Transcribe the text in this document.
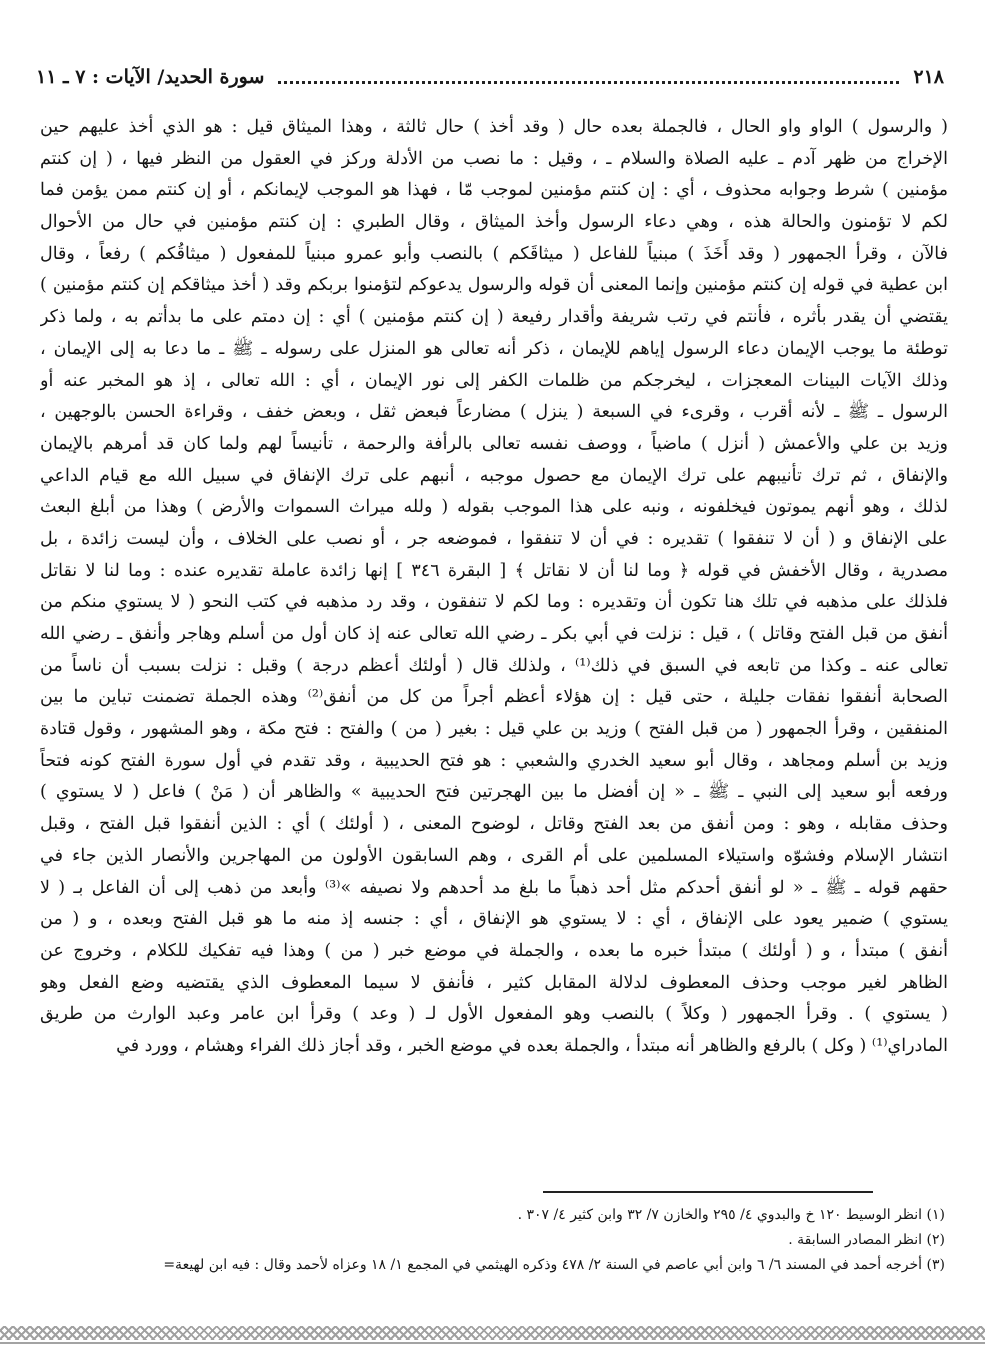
٢١٨
سورة الحديد/ الآيات : ٧ ـ ١١
( والرسول ) الواو واو الحال ، فالجملة بعده حال ( وقد أخذ ) حال ثالثة ، وهذا الميثاق قيل : هو الذي أخذ عليهم حين
الإخراج من ظهر آدم ـ عليه الصلاة والسلام ـ ، وقيل : ما نصب من الأدلة وركز في العقول من النظر فيها ، ( إن كنتم
مؤمنين ) شرط وجوابه محذوف ، أي : إن كنتم مؤمنين لموجب مّا ، فهذا هو الموجب لإيمانكم ، أو إن كنتم ممن يؤمن فما
لكم لا تؤمنون والحالة هذه ، وهي دعاء الرسول وأخذ الميثاق ، وقال الطبري : إن كنتم مؤمنين في حال من الأحوال
فالآن ، وقرأ الجمهور ( وقد أَخَذَ ) مبنياً للفاعل ( ميثاقَكم ) بالنصب وأبو عمرو مبنياً للمفعول ( ميثاقُكم ) رفعاً ، وقال
ابن عطية في قوله إن كنتم مؤمنين وإنما المعنى أن قوله والرسول يدعوكم لتؤمنوا بربكم وقد ( أخذ ميثاقكم إن كنتم مؤمنين )
يقتضي أن يقدر بأثره ، فأنتم في رتب شريفة وأقدار رفيعة ( إن كنتم مؤمنين ) أي : إن دمتم على ما بدأتم به ، ولما ذكر
توطئة ما يوجب الإيمان دعاء الرسول إياهم للإيمان ، ذكر أنه تعالى هو المنزل على رسوله ـ ﷺ ـ ما دعا به إلى الإيمان ،
وذلك الآيات البينات المعجزات ، ليخرجكم من ظلمات الكفر إلى نور الإيمان ، أي : الله تعالى ، إذ هو المخبر عنه أو
الرسول ـ ﷺ ـ لأنه أقرب ، وقرىء في السبعة ( ينزل ) مضارعاً فبعض ثقل ، وبعض خفف ، وقراءة الحسن بالوجهين ،
وزيد بن علي والأعمش ( أنزل ) ماضياً ، ووصف نفسه تعالى بالرأفة والرحمة ، تأنيساً لهم ولما كان قد أمرهم بالإيمان
والإنفاق ، ثم ترك تأنيبهم على ترك الإيمان مع حصول موجبه ، أنبهم على ترك الإنفاق في سبيل الله مع قيام الداعي
لذلك ، وهو أنهم يموتون فيخلفونه ، ونبه على هذا الموجب بقوله ( ولله ميراث السموات والأرض ) وهذا من أبلغ البعث
على الإنفاق و ( أن لا تنفقوا ) تقديره : في أن لا تنفقوا ، فموضعه جر ، أو نصب على الخلاف ، وأن ليست زائدة ، بل
مصدرية ، وقال الأخفش في قوله ﴿ وما لنا أن لا نقاتل ﴾ [ البقرة ٣٤٦ ] إنها زائدة عاملة تقديره عنده : وما لنا لا نقاتل
فلذلك على مذهبه في تلك هنا تكون أن وتقديره : وما لكم لا تنفقون ، وقد رد مذهبه في كتب النحو ( لا يستوي منكم من
أنفق من قبل الفتح وقاتل ) ، قيل : نزلت في أبي بكر ـ رضي الله تعالى عنه إذ كان أول من أسلم وهاجر وأنفق ـ رضي الله
تعالى عنه ـ وكذا من تابعه في السبق في ذلك⁽¹⁾ ، ولذلك قال ( أولئك أعظم درجة ) وقبل : نزلت بسبب أن ناساً من
الصحابة أنفقوا نفقات جليلة ، حتى قيل : إن هؤلاء أعظم أجراً من كل من أنفق⁽²⁾ وهذه الجملة تضمنت تباين ما بين
المنفقين ، وقرأ الجمهور ( من قبل الفتح ) وزيد بن علي قيل : بغير ( من ) والفتح : فتح مكة ، وهو المشهور ، وقول قتادة
وزيد بن أسلم ومجاهد ، وقال أبو سعيد الخدري والشعبي : هو فتح الحديبية ، وقد تقدم في أول سورة الفتح كونه فتحاً
ورفعه أبو سعيد إلى النبي ـ ﷺ ـ « إن أفضل ما بين الهجرتين فتح الحديبية » والظاهر أن ( مَنْ ) فاعل ( لا يستوي )
وحذف مقابله ، وهو : ومن أنفق من بعد الفتح وقاتل ، لوضوح المعنى ، ( أولئك ) أي : الذين أنفقوا قبل الفتح ، وقبل
انتشار الإسلام وفشوّه واستيلاء المسلمين على أم القرى ، وهم السابقون الأولون من المهاجرين والأنصار الذين جاء في
حقهم قوله ـ ﷺ ـ « لو أنفق أحدكم مثل أحد ذهباً ما بلغ مد أحدهم ولا نصيفه »⁽³⁾ وأبعد من ذهب إلى أن الفاعل بـ ( لا
يستوي ) ضمير يعود على الإنفاق ، أي : لا يستوي هو الإنفاق ، أي : جنسه إذ منه ما هو قبل الفتح وبعده ، و ( من
أنفق ) مبتدأ ، و ( أولئك ) مبتدأ خبره ما بعده ، والجملة في موضع خبر ( من ) وهذا فيه تفكيك للكلام ، وخروج عن
الظاهر لغير موجب وحذف المعطوف لدلالة المقابل كثير ، فأنفق لا سيما المعطوف الذي يقتضيه وضع الفعل وهو
( يستوي ) . وقرأ الجمهور ( وكلاً ) بالنصب وهو المفعول الأول لـ ( وعد ) وقرأ ابن عامر وعبد الوارث من طريق
المادراي⁽¹⁾ ( وكل ) بالرفع والظاهر أنه مبتدأ ، والجملة بعده في موضع الخبر ، وقد أجاز ذلك الفراء وهشام ، وورد في
(١) انظر الوسيط ١٢٠ خ والبدوي ٤/ ٢٩٥ والخازن ٧/ ٣٢ وابن كثير ٤/ ٣٠٧ .
(٢) انظر المصادر السابقة .
(٣) أخرجه أحمد في المسند ٦/ ٦ وابن أبي عاصم في السنة ٢/ ٤٧٨ وذكره الهيثمي في المجمع ١/ ١٨ وعزاه لأحمد وقال : فيه ابن لهيعة=
